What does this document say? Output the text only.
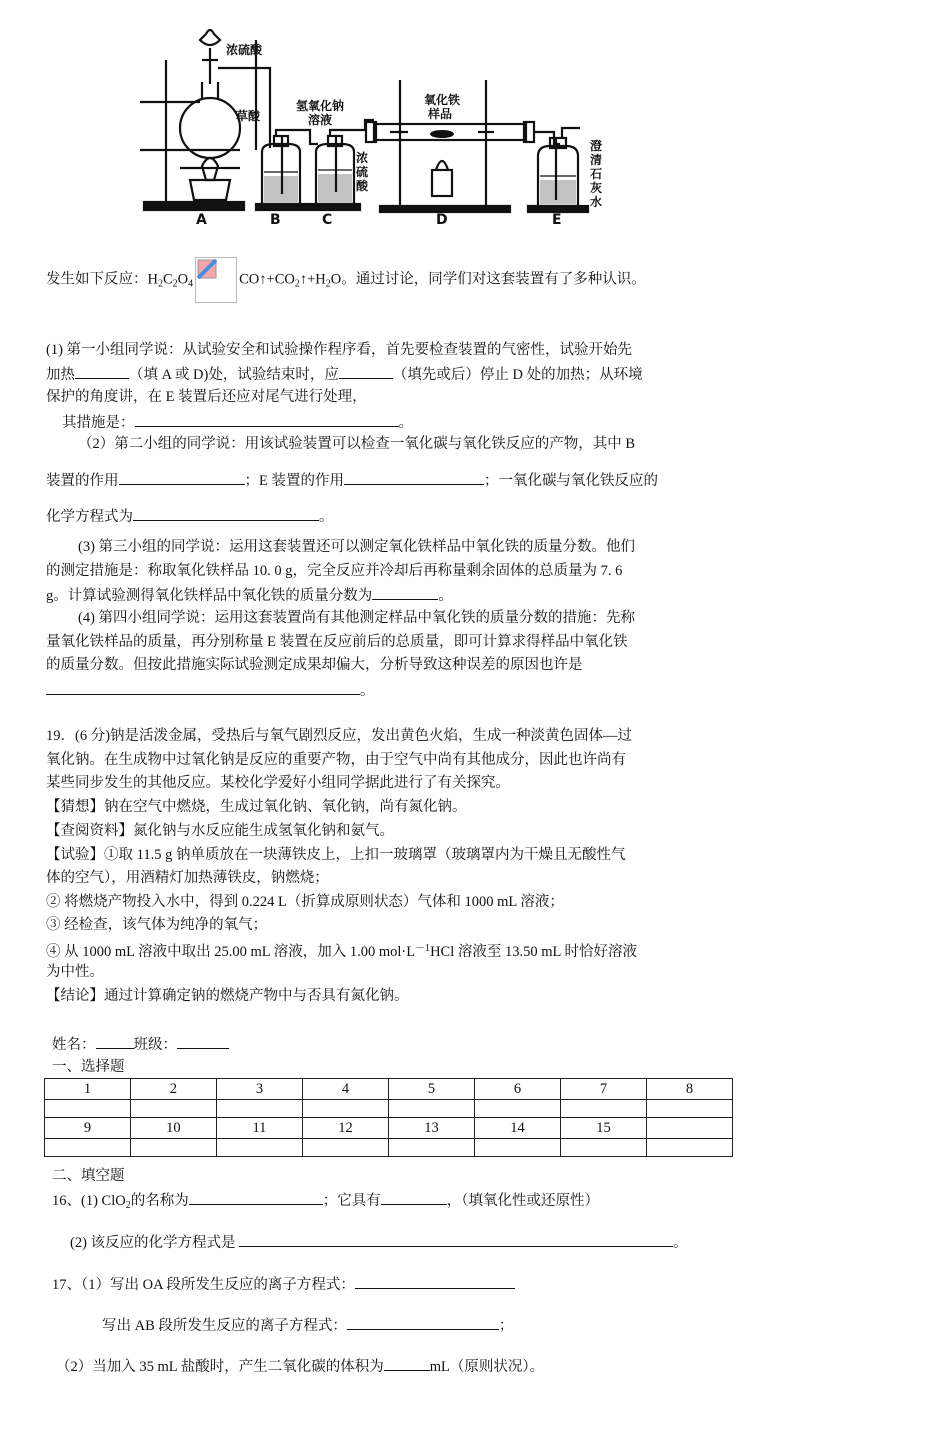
浓硫酸
草酸
氢氧化钠
溶液
氧化铁
样品
浓
硫
酸
澄
清
石
灰
水
A	B	C	D	E
发生如下反应：$H_2C_2O_4$	$CO↑+CO_2↑+H_2O$。通过讨论，同学们对这套装置有了多种认识。
(1) 第一小组同学说：从试验安全和试验操作程序看，首先要检查装置的气密性，试验开始先
加热	（填 A 或 D)处，试验结束时，应	（填先或后）停止 D 处的加热；从环境
保护的角度讲，在 E 装置后还应对尾气进行处理，
其措施是：	。
（2）第二小组的同学说：用该试验装置可以检查一氧化碳与氧化铁反应的产物，其中 B
装置的作用	；E 装置的作用	；一氧化碳与氧化铁反应的
化学方程式为	。
(3) 第三小组的同学说：运用这套装置还可以测定氧化铁样品中氧化铁的质量分数。他们
的测定措施是：称取氧化铁样品 10. 0 g，完全反应并冷却后再称量剩余固体的总质量为 7. 6
g。计算试验测得氧化铁样品中氧化铁的质量分数为	。
(4) 第四小组同学说：运用这套装置尚有其他测定样品中氧化铁的质量分数的措施：先称
量氧化铁样品的质量，再分别称量 E 装置在反应前后的总质量，即可计算求得样品中氧化铁
的质量分数。但按此措施实际试验测定成果却偏大，分析导致这种误差的原因也许是
。
19．(6 分)钠是活泼金属，受热后与氧气剧烈反应，发出黄色火焰，生成一种淡黄色固体—过
氧化钠。在生成物中过氧化钠是反应的重要产物，由于空气中尚有其他成分，因此也许尚有
某些同步发生的其他反应。某校化学爱好小组同学据此进行了有关探究。
【猜想】钠在空气中燃烧，生成过氧化钠、氧化钠，尚有氮化钠。
【查阅资料】氮化钠与水反应能生成氢氧化钠和氨气。
【试验】①取 11.5 g 钠单质放在一块薄铁皮上，上扣一玻璃罩（玻璃罩内为干燥且无酸性气
体的空气），用酒精灯加热薄铁皮，钠燃烧；
② 将燃烧产物投入水中，得到 0.224 L（折算成原则状态）气体和 1000 mL 溶液；
③ 经检查，该气体为纯净的氧气；
④ 从 1000 mL 溶液中取出 25.00 mL 溶液，加入 1.00 $mol\cdot L^{-1}HCl$ 溶液至 13.50 mL 时恰好溶液
为中性。
【结论】通过计算确定钠的燃烧产物中与否具有氮化钠。
姓名：	班级：
一、选择题
1	2	3	4	5	6	7	8

9	10	11	12	13	14	15	

二、填空题
16、(1) ClO$_2$的名称为	；它具有	，（填氧化性或还原性）
(2) 该反应的化学方程式是	。
17、（1）写出 OA 段所发生反应的离子方程式：
写出 AB 段所发生反应的离子方程式：	；
（2）当加入 35 mL 盐酸时，产生二氧化碳的体积为	mL（原则状况）。
